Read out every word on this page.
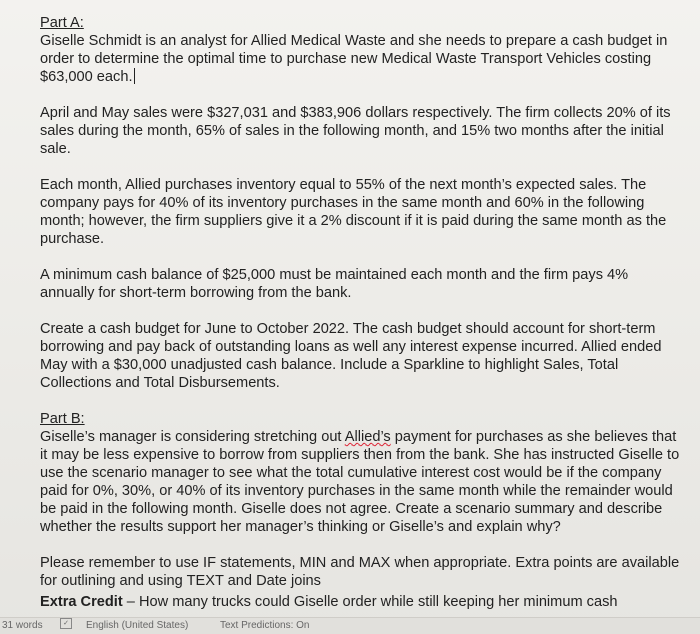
Part A:

Giselle Schmidt is an analyst for Allied Medical Waste and she needs to prepare a cash budget in order to determine the optimal time to purchase new Medical Waste Transport Vehicles costing $63,000 each.

April and May sales were $327,031 and $383,906 dollars respectively. The firm collects 20% of its sales during the month, 65% of sales in the following month, and 15% two months after the initial sale.

Each month, Allied purchases inventory equal to 55% of the next month’s expected sales. The company pays for 40% of its inventory purchases in the same month and 60% in the following month; however, the firm suppliers give it a 2% discount if it is paid during the same month as the purchase.

A minimum cash balance of $25,000 must be maintained each month and the firm pays 4% annually for short-term borrowing from the bank.

Create a cash budget for June to October 2022. The cash budget should account for short-term borrowing and pay back of outstanding loans as well any interest expense incurred. Allied ended May with a $30,000 unadjusted cash balance. Include a Sparkline to highlight Sales, Total Collections and Total Disbursements.

Part B:

Giselle’s manager is considering stretching out Allied’s payment for purchases as she believes that it may be less expensive to borrow from suppliers then from the bank. She has instructed Giselle to use the scenario manager to see what the total cumulative interest cost would be if the company paid for 0%, 30%, or 40% of its inventory purchases in the same month while the remainder would be paid in the following month. Giselle does not agree. Create a scenario summary and describe whether the results support her manager’s thinking or Giselle’s and explain why?

Please remember to use IF statements, MIN and MAX when appropriate. Extra points are available for outlining and using TEXT and Date joins

Extra Credit – How many trucks could Giselle order while still keeping her minimum cash
31 words	✓	English (United States)	Text Predictions: On
